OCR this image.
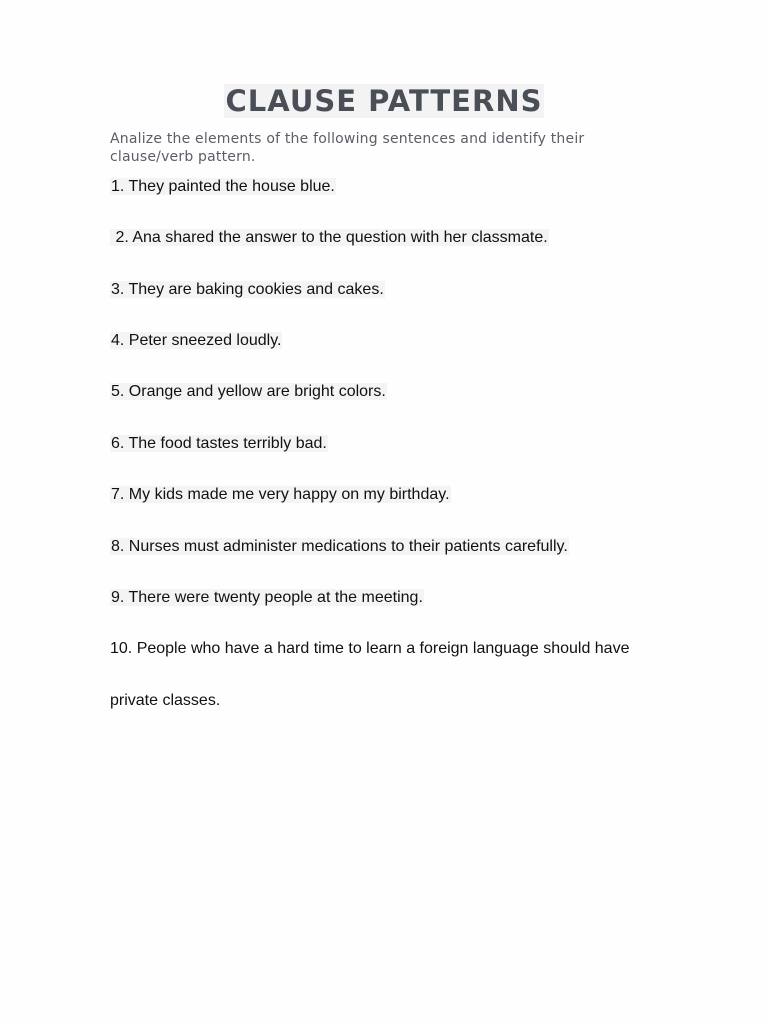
CLAUSE PATTERNS

Analize the elements of the following sentences and identify their clause/verb pattern.

1. They painted the house blue.
2. Ana shared the answer to the question with her classmate.
3. They are baking cookies and cakes.
4. Peter sneezed loudly.
5. Orange and yellow are bright colors.
6. The food tastes terribly bad.
7. My kids made me very happy on my birthday.
8. Nurses must administer medications to their patients carefully.
9. There were twenty people at the meeting.
10. People who have a hard time to learn a foreign language should have
private classes.
